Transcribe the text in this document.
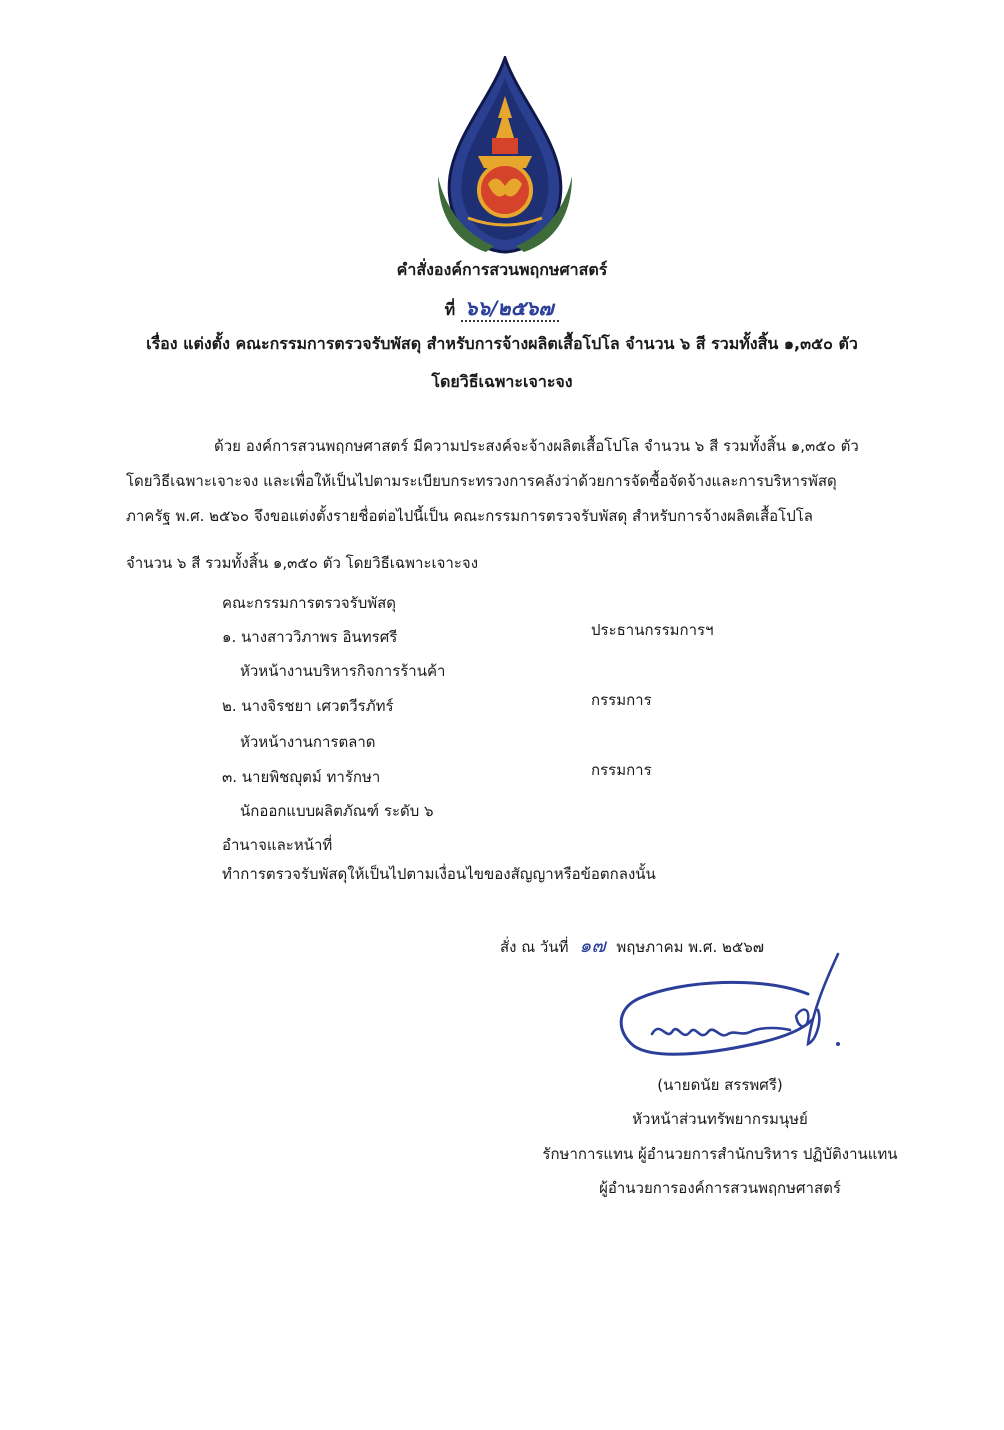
คำสั่งองค์การสวนพฤกษศาสตร์
ที่ ๖๖/๒๕๖๗
เรื่อง แต่งตั้ง คณะกรรมการตรวจรับพัสดุ สำหรับการจ้างผลิตเสื้อโปโล จำนวน ๖ สี รวมทั้งสิ้น ๑,๓๕๐ ตัว
โดยวิธีเฉพาะเจาะจง
ด้วย องค์การสวนพฤกษศาสตร์ มีความประสงค์จะจ้างผลิตเสื้อโปโล จำนวน ๖ สี รวมทั้งสิ้น ๑,๓๕๐ ตัว
โดยวิธีเฉพาะเจาะจง และเพื่อให้เป็นไปตามระเบียบกระทรวงการคลังว่าด้วยการจัดซื้อจัดจ้างและการบริหารพัสดุ
ภาครัฐ พ.ศ. ๒๕๖๐ จึงขอแต่งตั้งรายชื่อต่อไปนี้เป็น คณะกรรมการตรวจรับพัสดุ สำหรับการจ้างผลิตเสื้อโปโล
จำนวน ๖ สี รวมทั้งสิ้น ๑,๓๕๐ ตัว โดยวิธีเฉพาะเจาะจง
คณะกรรมการตรวจรับพัสดุ
๑. นางสาววิภาพร อินทรศรี	ประธานกรรมการฯ
หัวหน้างานบริหารกิจการร้านค้า
๒. นางจิรชยา เศวตวีรภัทร์	กรรมการ
หัวหน้างานการตลาด
๓. นายพิชญุตม์ ทารักษา	กรรมการ
นักออกแบบผลิตภัณฑ์ ระดับ ๖
อำนาจและหน้าที่
ทำการตรวจรับพัสดุให้เป็นไปตามเงื่อนไขของสัญญาหรือข้อตกลงนั้น
สั่ง ณ วันที่ ๑๗ พฤษภาคม พ.ศ. ๒๕๖๗
(นายดนัย สรรพศรี)
หัวหน้าส่วนทรัพยากรมนุษย์
รักษาการแทน ผู้อำนวยการสำนักบริหาร ปฏิบัติงานแทน
ผู้อำนวยการองค์การสวนพฤกษศาสตร์
